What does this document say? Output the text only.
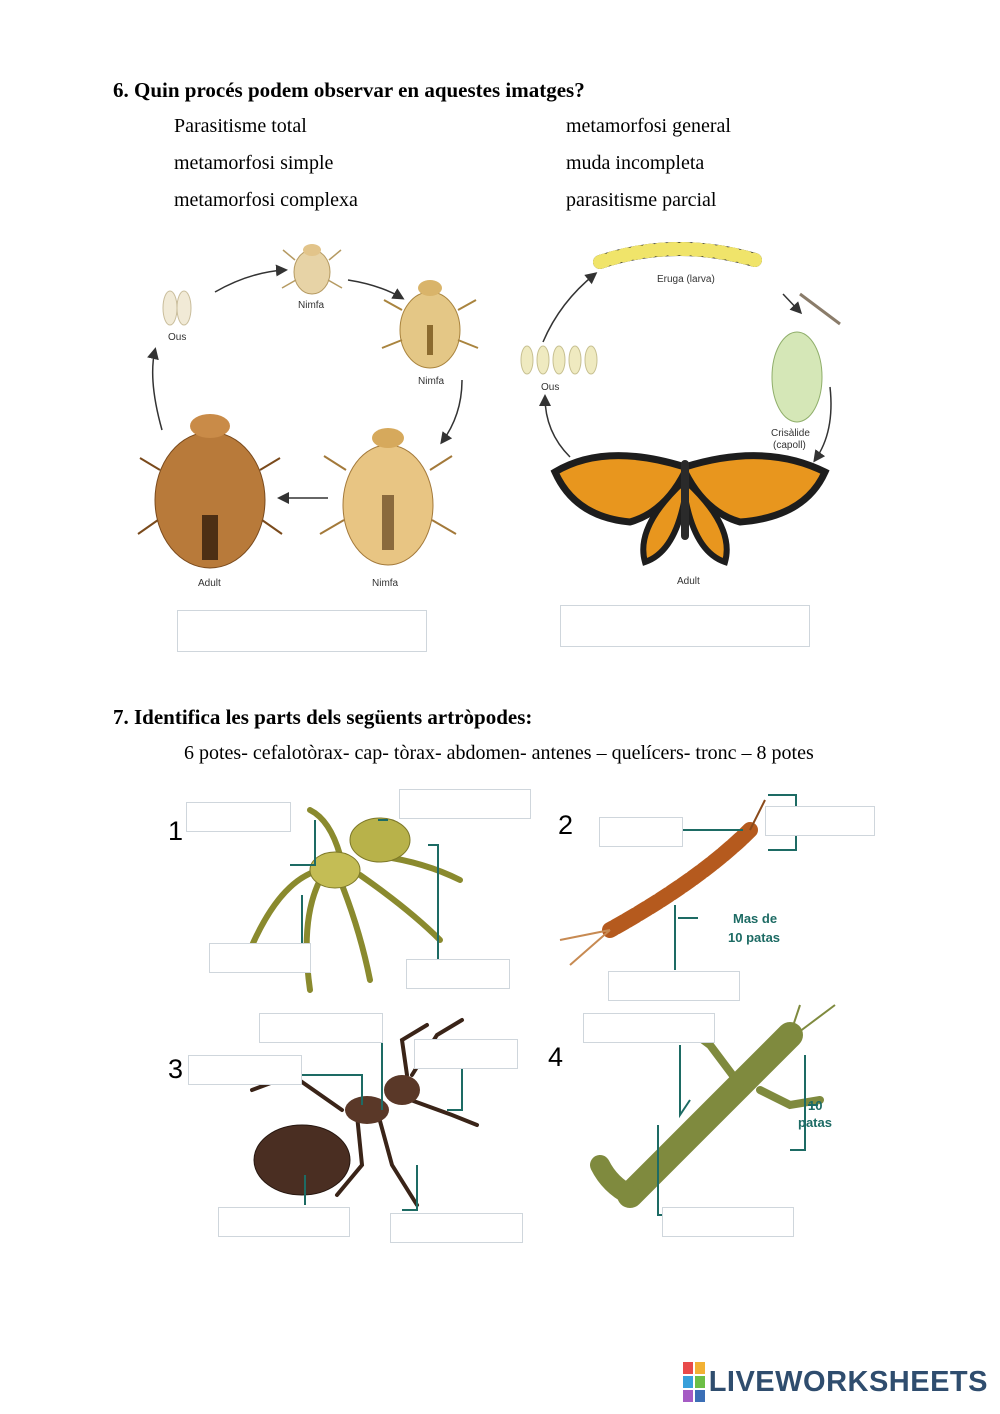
6. Quin procés podem observar en aquestes imatges?
Parasitisme total	metamorfosi general
metamorfosi simple	muda incompleta
metamorfosi complexa	parasitisme parcial
Ous
Nimfa
Nimfa
Nimfa
Adult
Eruga (larva)
Ous
Crisàlide
(capoll)
Adult
7. Identifica les parts dels següents artròpodes:
6 potes- cefalotòrax- cap- tòrax- abdomen- antenes – quelícers- tronc – 8 potes
1	2
3	4
Mas de
10 patas
10
patas
LIVEWORKSHEETS
